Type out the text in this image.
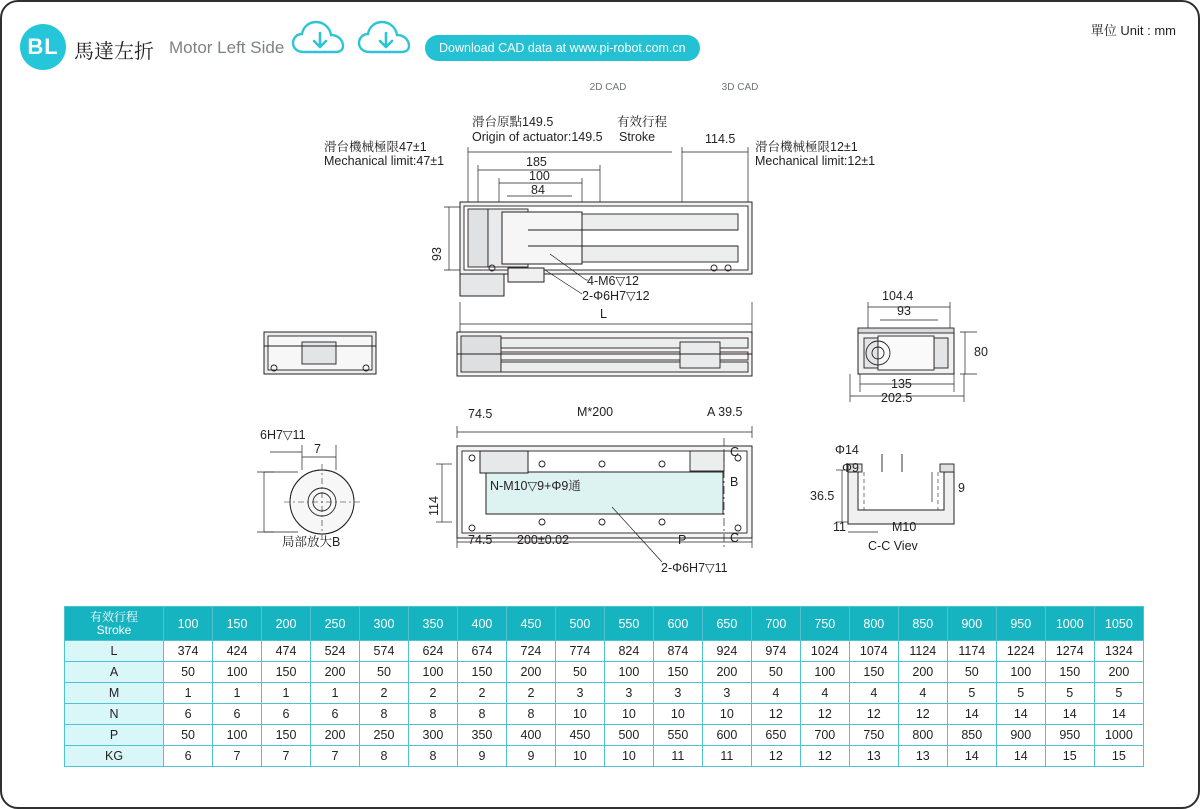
BL 馬達左折 Motor Left Side
2D CAD	3D CAD
Download CAD data at www.pi-robot.com.cn
單位 Unit : mm
滑台機械極限47±1
Mechanical limit:47±1
滑台原點149.5
Origin of actuator:149.5
有效行程
Stroke
滑台機械極限12±1
Mechanical limit:12±1
114.5
185
100
84
93
4-M6▽12
2-Φ6H7▽12
L
104.4
93
80
135
202.5
6H7▽11
7
局部放大B
74.5	M*200	A 39.5
C
B
C
114
N-M10▽9+Φ9通
74.5 200±0.02	P
2-Φ6H7▽11
Φ14
Φ9
36.5
9
11	M10
C-C Viev
有效行程
Stroke	100	150	200	250	300	350	400	450	500	550	600	650	700	750	800	850	900	950	1000	1050
L	374	424	474	524	574	624	674	724	774	824	874	924	974	1024	1074	1124	1174	1224	1274	1324
A	50	100	150	200	50	100	150	200	50	100	150	200	50	100	150	200	50	100	150	200
M	1	1	1	1	2	2	2	2	3	3	3	3	4	4	4	4	5	5	5	5
N	6	6	6	6	8	8	8	8	10	10	10	10	12	12	12	12	14	14	14	14
P	50	100	150	200	250	300	350	400	450	500	550	600	650	700	750	800	850	900	950	1000
KG	6	7	7	7	8	8	9	9	10	10	11	11	12	12	13	13	14	14	15	15
